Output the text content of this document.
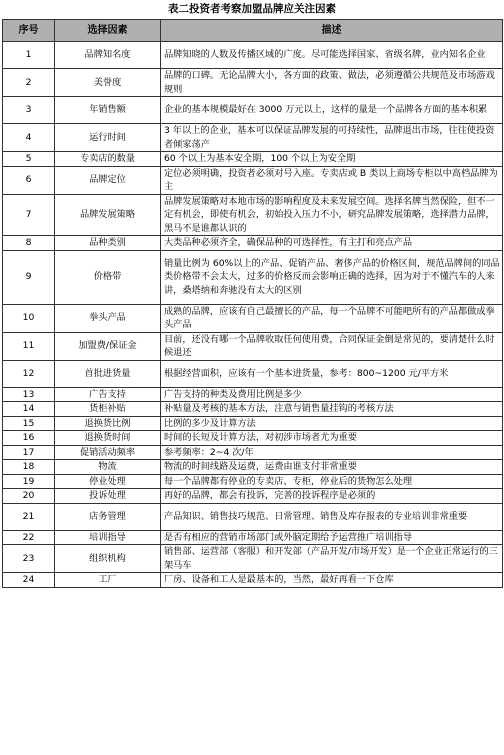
表二投资者考察加盟品牌应关注因素
序号	选择因素	描述
1	品牌知名度	品牌知晓的人数及传播区域的广度。尽可能选择国家、省级名牌，业内知名企业
2	美誉度	品牌的口碑。无论品牌大小，各方面的政策、做法，必须遵循公共规范及市场游戏规则
3	年销售额	企业的基本规模最好在 3000 万元以上，这样的量是一个品牌各方面的基本积累
4	运行时间	3 年以上的企业，基本可以保证品牌发展的可持续性，品牌退出市场，往往使投资者倾家荡产
5	专卖店的数量	60 个以上为基本安全期，100 个以上为安全期
6	品牌定位	定位必须明确，投资者必须对号入座。专卖店或 B 类以上商场专柜以中高档品牌为主
7	品牌发展策略	品牌发展策略对本地市场的影响程度及未来发展空间。选择名牌当然保险，但不一定有机会，即使有机会，初始投入压力不小，研究品牌发展策略，选择潜力品牌，黑马不是谁都认识的
8	品种类别	大类品种必须齐全，确保品种的可选择性，有主打和亮点产品
9	价格带	销量比例为 60%以上的产品、促销产品、奢侈产品的价格区间，规范品牌间的同品类价格带不会太大，过多的价格反而会影响正确的选择，因为对于不懂汽车的人来讲，桑塔纳和奔驰没有太大的区别
10	拳头产品	成熟的品牌，应该有自己最擅长的产品，每一个品牌不可能吧所有的产品都做成拳头产品
11	加盟费/保证金	目前，还没有哪一个品牌收取任何使用费，合同保证金倒是常见的，要清楚什么时候退还
12	首批进货量	根据经营面积，应该有一个基本进货量，参考：800~1200 元/平方米
13	广告支持	广告支持的种类及费用比例是多少
14	货柜补贴	补贴量及考核的基本方法，注意与销售量挂钩的考核方法
15	退换货比例	比例的多少及计算方法
16	退换货时间	时间的长短及计算方法，对初涉市场者尤为重要
17	促销活动频率	参考频率：2~4 次/年
18	物流	物流的时间线路及运费，运费由谁支付非常重要
19	停业处理	每一个品牌都有停业的专卖店、专柜，停业后的货物怎么处理
20	投诉处理	再好的品牌，都会有投诉，完善的投诉程序是必须的
21	店务管理	产品知识、销售技巧规范、日常管理、销售及库存报表的专业培训非常重要
22	培训指导	是否有相应的营销市场部门或外脑定期给予运营推广培训指导
23	组织机构	销售部、运营部（客服）和开发部（产品开发/市场开发）是一个企业正常运行的三架马车
24	工厂	厂房、设备和工人是最基本的，当然，最好再看一下仓库
